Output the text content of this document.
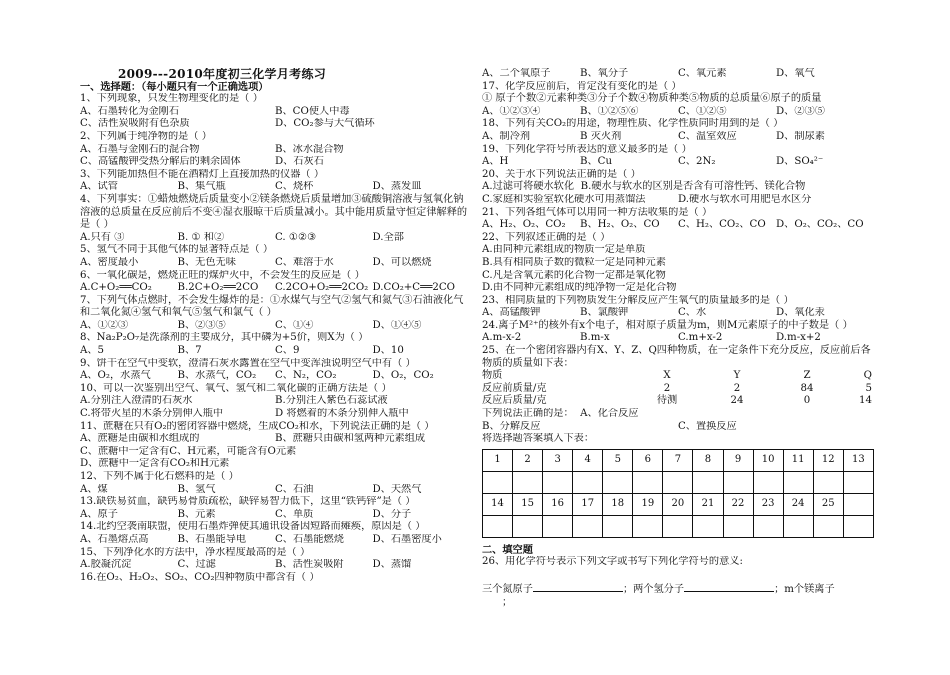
2009---2010年度初三化学月考练习
一、选择题：（每小题只有一个正确选项）
1、下列现象，只发生物理变化的是（ ）
A、石墨转化为金刚石	B、CO使人中毒
C、活性炭吸附有色杂质	D、CO₂参与大气循环
2、下列属于纯净物的是（ ）
A、石墨与金刚石的混合物	B、冰水混合物
C、高锰酸钾受热分解后的剩余固体	D、石灰石
3、下列能加热但不能在酒精灯上直接加热的仪器（ ）
A、试管	B、集气瓶	C、烧杯	D、蒸发皿
4、下列事实：①蜡烛燃烧后质量变小②镁条燃烧后质量增加③硫酸铜溶液与氢氧化钠溶液的总质量在反应前后不变④湿衣服晾干后质量减小。其中能用质量守恒定律解释的是（ ）
A.只有 ③	B. ① 和②	C. ①②③	D.全部
5、氢气不同于其他气体的显著特点是（ ）
A、密度最小	B、无色无味	C、难溶于水	D、可以燃烧
6、一氧化碳是，燃烧正旺的煤炉火中，不会发生的反应是（ ）
A.C+O₂══CO₂	B.2C+O₂══2CO	C.2CO+O₂══2CO₂ D.CO₂+C══2CO
7、下列气体点燃时，不会发生爆炸的是：①水煤气与空气②氢气和氮气③石油液化气和二氧化氮④氢气和氧气⑤氢气和氯气（ ）
A、①②③	B、②③⑤	C、①④	D、①④⑤
8、Na₂P₂O₇是洗涤剂的主要成分，其中磷为+5价，则X为（ ）
A、5	B、7	C、9	D、10
9、饼干在空气中变软，澄清石灰水露置在空气中变浑浊说明空气中有（ ）
A、O₂，水蒸气	B、水蒸气，CO₂	C、N₂，CO₂	D、O₂，CO₂
10、可以一次鉴别出空气、氧气、氢气和二氧化碳的正确方法是（ ）
A.分别注入澄清的石灰水	B.分别注入紫色石蕊试液
C.将带火星的木条分别伸入瓶中	D 将燃着的木条分别伸入瓶中
11、蔗糖在只有O₂的密闭容器中燃烧，生成CO₂和水，下列说法正确的是（ ）
A、蔗糖是由碳和水组成的	B、蔗糖只由碳和氢两种元素组成
C、蔗糖中一定含有C、H元素，可能含有O元素
D、蔗糖中一定含有CO₂和H元素
12、下列不属于化石燃料的是（ ）
A、煤	B、氢气	C、石油	D、天然气
13.缺铁易贫血，缺钙易骨质疏松，缺锌易智力低下，这里“铁钙锌”是（ ）
A、原子	B、元素	C、单质	D、分子
14.北约空袭南联盟，使用石墨炸弹使其通讯设备因短路而瘫痪，原因是（ ）
A、石墨熔点高	B、石墨能导电	C、石墨能燃烧	D、石墨密度小
15、下列净化水的方法中，净水程度最高的是（ ）
A.胶凝沉淀	C、过滤	B、活性炭吸附	D、蒸馏
16.在O₂、H₂O₂、SO₂、CO₂四种物质中都含有（ ）
A、二个氧原子	B、氧分子	C、氧元素	D、氧气
17、化学反应前后，肯定没有变化的是（ ）
① 原子个数②元素种类③分子个数④物质种类⑤物质的总质量⑥原子的质量
A、①②③④	B、①②⑤⑥	C、①②⑤	D、②③⑤
18、下列有关CO₂的用途，物理性质、化学性质同时用到的是（ ）
A、制冷剂	B 灭火剂	C、温室效应	D、制尿素
19、下列化学符号所表达的意义最多的是（ ）
A、H	B、Cu	C、2N₂	D、SO₄²⁻
20、关于水下列说法正确的是（ ）
A.过滤可将硬水软化 B.硬水与软水的区别是否含有可溶性钙、镁化合物
C.家庭和实验室软化硬水可用蒸馏法	D.硬水与软水可用肥皂水区分
21、下列各组气体可以用同一种方法收集的是（ ）
A、H₂、O₂、CO₂	B、H₂、O₂、CO	C、H₂、CO₂、CO	D、O₂、CO₂、CO
22、下列叙述正确的是（ ）
A.由同种元素组成的物质一定是单质
B.具有相同质子数的微粒一定是同种元素
C.凡是含氧元素的化合物一定都是氧化物
D.由不同种元素组成的纯净物一定是化合物
23、相同质量的下列物质发生分解反应产生氧气的质量最多的是（ ）
A、高锰酸钾	B、氯酸钾	C、水	D、氧化汞
24.离子M²⁺的核外有x个电子，相对原子质量为m，则M元素原子的中子数是（ ）
A.m-x-2	B.m-x	C.m+x-2	D.m-x+2
25、在一个密闭容器内有X、Y、Z、Q四种物质，在一定条件下充分反应，反应前后各物质的质量如下表：
物质	X	Y	Z	Q
反应前质量/克	2	2	84	5
反应后质量/克	待测	24	0	14
下列说法正确的是： A、化合反应
B、分解反应	C、置换反应
将选择题答案填入下表：
1	2	3	4	5	6	7	8	9	10	11	12	13

14	15	16	17	18	19	20	21	22	23	24	25	

二、填空题
26、用化学符号表示下列文字或书写下列化学符号的意义:
三个氮原子	；两个氢分子	；m个镁离子
；
